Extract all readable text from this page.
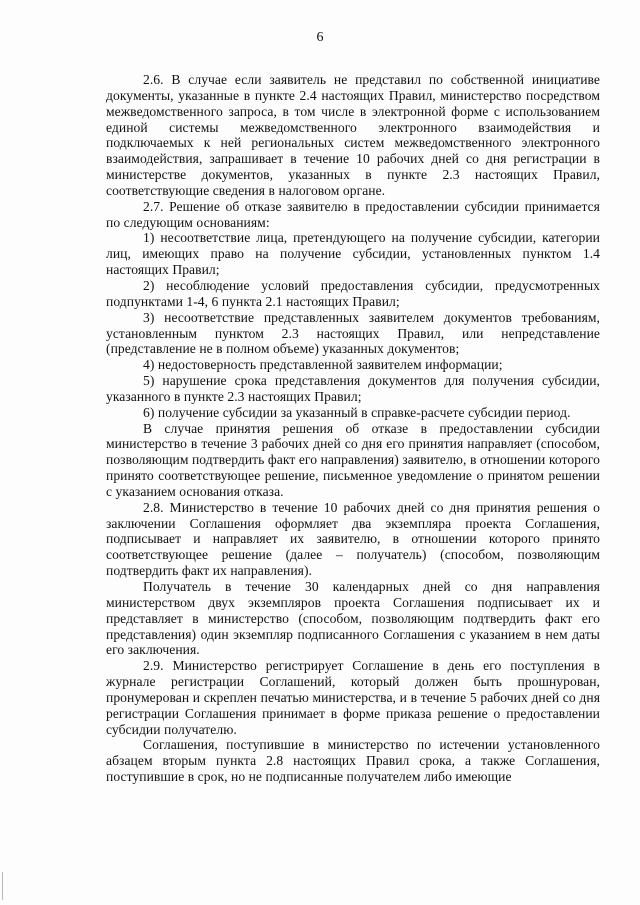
6

2.6. В случае если заявитель не представил по собственной инициативе документы, указанные в пункте 2.4 настоящих Правил, министерство посредством межведомственного запроса, в том числе в электронной форме с использованием единой системы межведомственного электронного взаимодействия и подключаемых к ней региональных систем межведомственного электронного взаимодействия, запрашивает в течение 10 рабочих дней со дня регистрации в министерстве документов, указанных в пункте 2.3 настоящих Правил, соответствующие сведения в налоговом органе.

2.7. Решение об отказе заявителю в предоставлении субсидии принимается по следующим основаниям:

1) несоответствие лица, претендующего на получение субсидии, категории лиц, имеющих право на получение субсидии, установленных пунктом 1.4 настоящих Правил;

2) несоблюдение условий предоставления субсидии, предусмотренных подпунктами 1-4, 6 пункта 2.1 настоящих Правил;

3) несоответствие представленных заявителем документов требованиям, установленным пунктом 2.3 настоящих Правил, или непредставление (представление не в полном объеме) указанных документов;

4) недостоверность представленной заявителем информации;

5) нарушение срока представления документов для получения субсидии, указанного в пункте 2.3 настоящих Правил;

6) получение субсидии за указанный в справке-расчете субсидии период.

В случае принятия решения об отказе в предоставлении субсидии министерство в течение 3 рабочих дней со дня его принятия направляет (способом, позволяющим подтвердить факт его направления) заявителю, в отношении которого принято соответствующее решение, письменное уведомление о принятом решении с указанием основания отказа.

2.8. Министерство в течение 10 рабочих дней со дня принятия решения о заключении Соглашения оформляет два экземпляра проекта Соглашения, подписывает и направляет их заявителю, в отношении которого принято соответствующее решение (далее – получатель) (способом, позволяющим подтвердить факт их направления).

Получатель в течение 30 календарных дней со дня направления министерством двух экземпляров проекта Соглашения подписывает их и представляет в министерство (способом, позволяющим подтвердить факт его представления) один экземпляр подписанного Соглашения с указанием в нем даты его заключения.

2.9. Министерство регистрирует Соглашение в день его поступления в журнале регистрации Соглашений, который должен быть прошнурован, пронумерован и скреплен печатью министерства, и в течение 5 рабочих дней со дня регистрации Соглашения принимает в форме приказа решение о предоставлении субсидии получателю.

Соглашения, поступившие в министерство по истечении установленного абзацем вторым пункта 2.8 настоящих Правил срока, а также Соглашения, поступившие в срок, но не подписанные получателем либо имеющие
